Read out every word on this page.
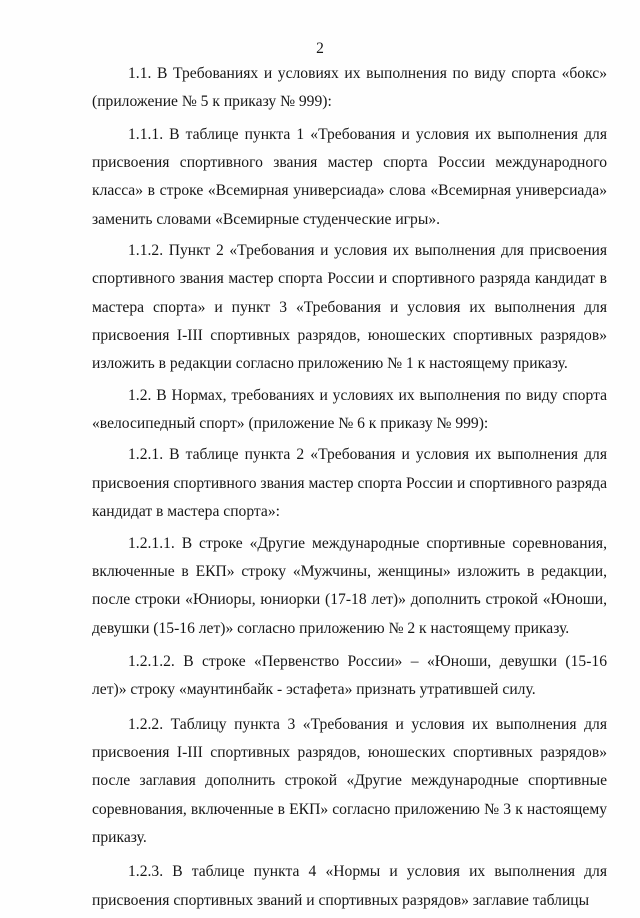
2

1.1. В Требованиях и условиях их выполнения по виду спорта «бокс» (приложение № 5 к приказу № 999):

1.1.1. В таблице пункта 1 «Требования и условия их выполнения для присвоения спортивного звания мастер спорта России международного класса» в строке «Всемирная универсиада» слова «Всемирная универсиада» заменить словами «Всемирные студенческие игры».

1.1.2. Пункт 2 «Требования и условия их выполнения для присвоения спортивного звания мастер спорта России и спортивного разряда кандидат в мастера спорта» и пункт 3 «Требования и условия их выполнения для присвоения I-III спортивных разрядов, юношеских спортивных разрядов» изложить в редакции согласно приложению № 1 к настоящему приказу.

1.2. В Нормах, требованиях и условиях их выполнения по виду спорта «велосипедный спорт» (приложение № 6 к приказу № 999):

1.2.1. В таблице пункта 2 «Требования и условия их выполнения для присвоения спортивного звания мастер спорта России и спортивного разряда кандидат в мастера спорта»:

1.2.1.1. В строке «Другие международные спортивные соревнования, включенные в ЕКП» строку «Мужчины, женщины» изложить в редакции, после строки «Юниоры, юниорки (17-18 лет)» дополнить строкой «Юноши, девушки (15-16 лет)» согласно приложению № 2 к настоящему приказу.

1.2.1.2. В строке «Первенство России» – «Юноши, девушки (15-16 лет)» строку «маунтинбайк - эстафета» признать утратившей силу.

1.2.2. Таблицу пункта 3 «Требования и условия их выполнения для присвоения I-III спортивных разрядов, юношеских спортивных разрядов» после заглавия дополнить строкой «Другие международные спортивные соревнования, включенные в ЕКП» согласно приложению № 3 к настоящему приказу.

1.2.3. В таблице пункта 4 «Нормы и условия их выполнения для присвоения спортивных званий и спортивных разрядов» заглавие таблицы
